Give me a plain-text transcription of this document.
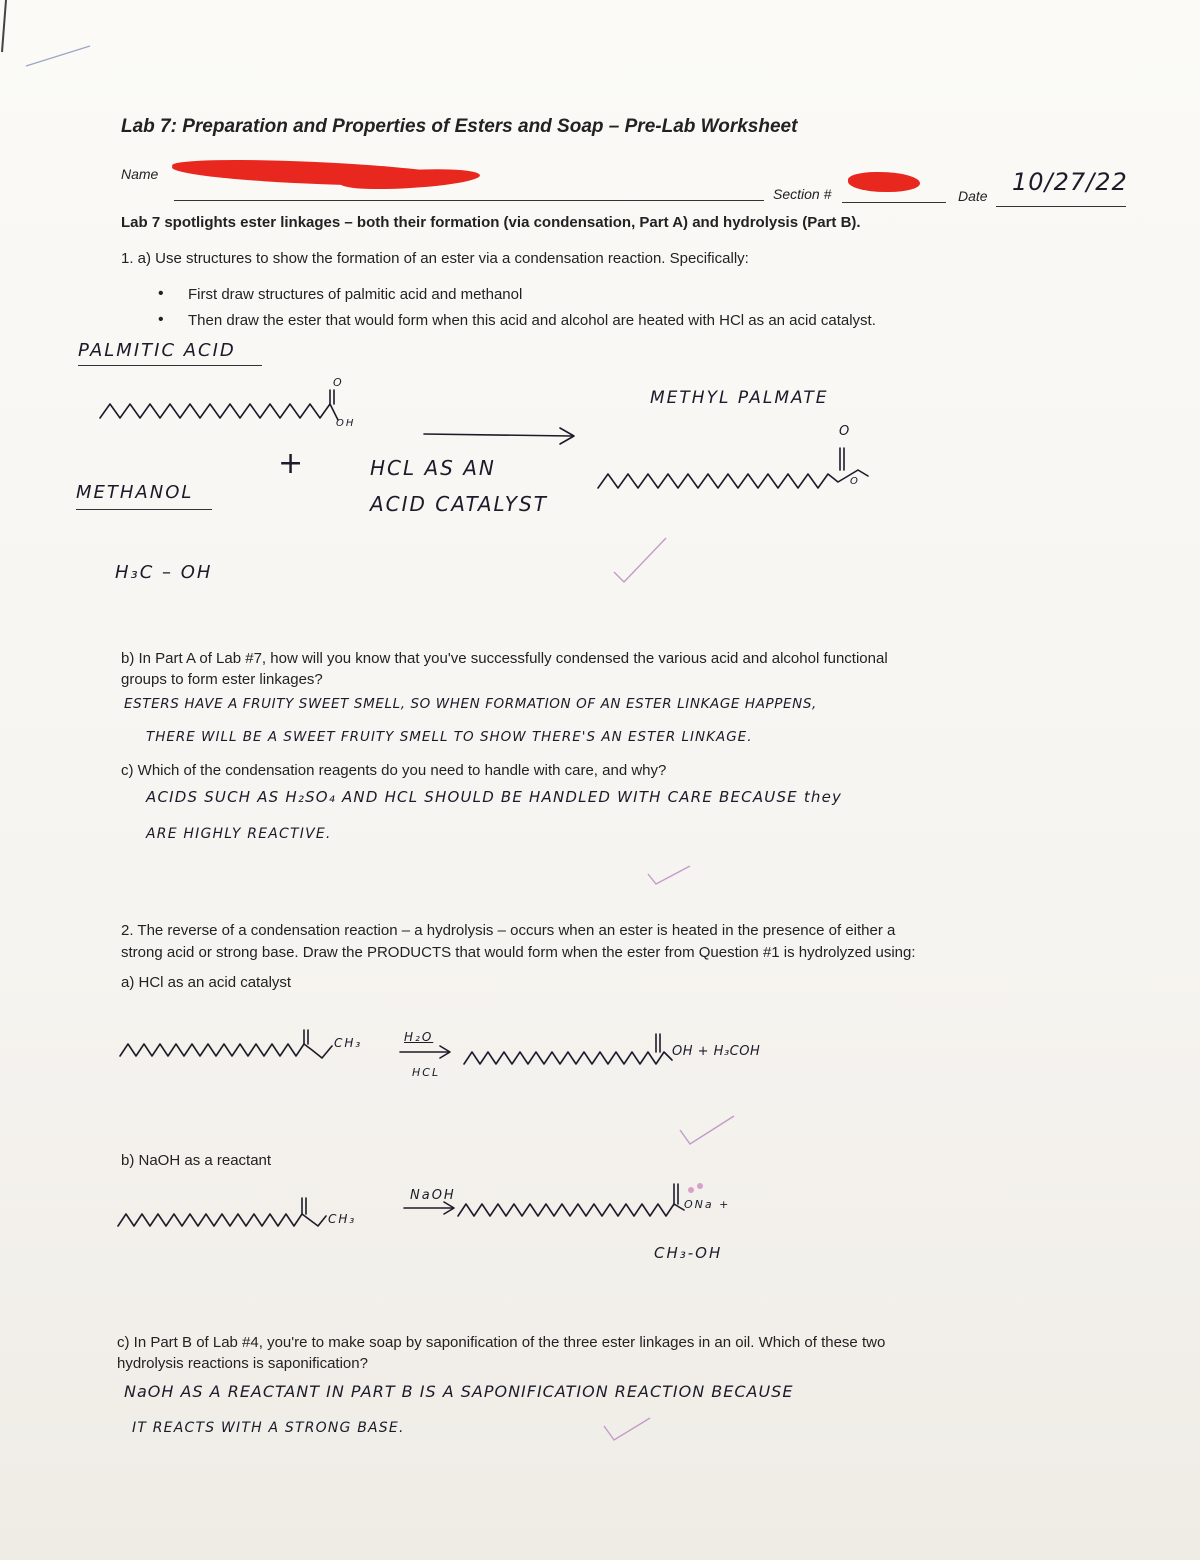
Lab 7: Preparation and Properties of Esters and Soap – Pre-Lab Worksheet
Name
Section #	Date 10/27/22
Lab 7 spotlights ester linkages – both their formation (via condensation, Part A) and hydrolysis (Part B).
1. a) Use structures to show the formation of an ester via a condensation reaction. Specifically:
• First draw structures of palmitic acid and methanol
• Then draw the ester that would form when this acid and alcohol are heated with HCl as an acid catalyst.
PALMITIC ACID
OH
O
+
METHANOL
H₃C – OH
HCL AS AN
ACID CATALYST
METHYL PALMATE
O
O
b) In Part A of Lab #7, how will you know that you've successfully condensed the various acid and alcohol functional
groups to form ester linkages?
ESTERS HAVE A FRUITY SWEET SMELL, SO WHEN FORMATION OF AN ESTER LINKAGE HAPPENS,
THERE WILL BE A SWEET FRUITY SMELL TO SHOW THERE'S AN ESTER LINKAGE.
c) Which of the condensation reagents do you need to handle with care, and why?
ACIDS SUCH AS H₂SO₄ AND HCL SHOULD BE HANDLED WITH CARE BECAUSE they
ARE HIGHLY REACTIVE.
2. The reverse of a condensation reaction – a hydrolysis – occurs when an ester is heated in the presence of either a
strong acid or strong base. Draw the PRODUCTS that would form when the ester from Question #1 is hydrolyzed using:
a) HCl as an acid catalyst
CH₃	H₂O
HCL
OH + H₃COH
b) NaOH as a reactant
CH₃
NaOH
ONa +
CH₃-OH
c) In Part B of Lab #4, you're to make soap by saponification of the three ester linkages in an oil. Which of these two
hydrolysis reactions is saponification?
NaOH AS A REACTANT IN PART B IS A SAPONIFICATION REACTION BECAUSE
IT REACTS WITH A STRONG BASE.
